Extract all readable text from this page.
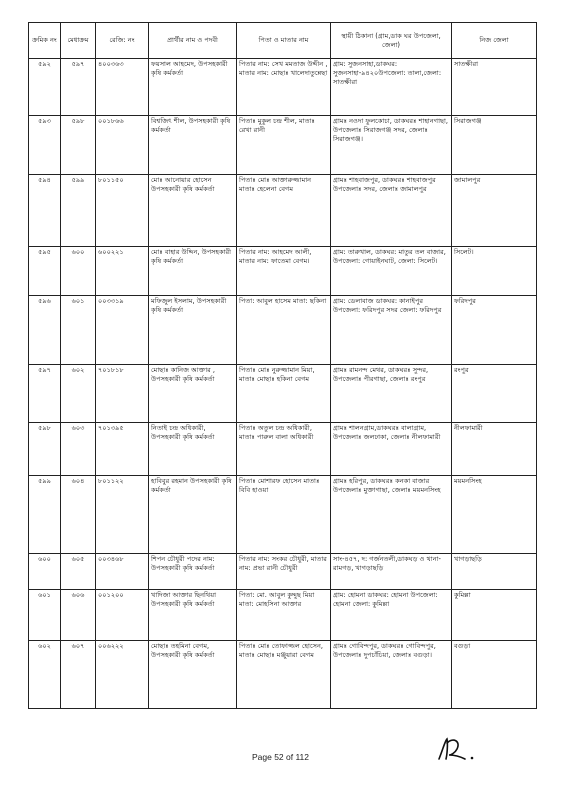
ক্রমিক নং	মেধাক্রম	রেজি: নং	প্রার্থীর নাম ও পদবী	পিতা ও মাতার নাম	স্থায়ী ঠিকানা (গ্রাম,ডাক ঘর উপজেলা, জেলা)	নিজ জেলা
৫৯২	৫৯৭	৪০০৩৬৩	ফয়সাল আহমেদ, উপসহকারী কৃষি কর্মকর্তা	পিতার নাম: সেখ মমতাজ উদ্দীন , মাতার নাম: মোছাঃ খালেদাতুন্নেছা	গ্রাম: সুজনসাহা,ডাকঘর: সুজনসাহা-৯৪২০উপজেলা: তালা,জেলা: সাতক্ষীরা	সাতক্ষীরা
৫৯৩	৫৯৮	০০১৮৬৬	বিশ্বজিৎ শীল, উপসহকারী কৃষি কর্মকর্তা	পিতাঃ মুকুল চন্দ্র শীল, মাতাঃ রেখা রানী	গ্রামঃ নওদা ফুলকোচা, ডাকঘরঃ শাহানগাছা, উপজেলাঃ সিরাজগঞ্জ সদর, জেলাঃ সিরাজগঞ্জ।	সিরাজগঞ্জ
৫৯৪	৫৯৯	৮০১১৫০	মোঃ আনোয়ার হোসেন উপসহকারী কৃষি কর্মকর্তা	পিতাঃ মোঃ আক্তারুজ্জামান মাতাঃ হেলেনা বেগম	গ্রামঃ শাহবাজপুর, ডাকঘরঃ শাহবাজপুর উপজেলাঃ সদর, জেলাঃ জামালপুর	জামালপুর
৫৯৫	৬০০	৬০০২২১	মোঃ বাহার উদ্দিন, উপসহকারী কৃষি কর্মকর্তা	পিতার নাম: আহমেদ আলী, মাতার নাম: ফাতেমা বেগম।	গ্রাম: তারুখাল, ডাকঘর: মাতুর তল বাজার, উপজেলা: গোয়াইনঘাট, জেলা: সিলেট।	সিলেট।
৫৯৬	৬০১	০০৩৩১৯	মফিজুল ইসলাম, উপসহকারী কৃষি কর্মকর্তা	পিতা: আবুল হাসেম মাতা: ছকিনা	গ্রাম: ডেলাবাজ ডাকঘর: কানাইপুর উপজেলা: ফরিদপুর সদর জেলা: ফরিদপুর	ফরিদপুর
৫৯৭	৬০২	৭০১৮১৮	মোছাঃ কানিজ আক্তার , উপসহকারী কৃষি কর্মকর্তা	পিতাঃ মোঃ নুরুজ্জামান মিয়া, মাতাঃ মোছাঃ হকিনা বেগম	গ্রামঃ রামনন্দ মেথর, ডাকঘরঃ সুন্দর, উপজেলাঃ পীরগাছা, জেলাঃ রংপুর	রংপুর
৫৯৮	৬০৩	৭০১৩৯৫	নিতাই চন্দ্র অধিকারী, উপসহকারী কৃষি কর্মকর্তা	পিতাঃ অতুল চন্দ্র অধিকারী, মাতাঃ পারুল বালা অধিকারী	গ্রামঃ শালনগ্রাম,ডাকঘরঃ বালাগ্রাম, উপজেলাঃ জলঢাকা, জেলাঃ নীলফামারী	নীলফামারী
৫৯৯	৬০৪	৮০১১২২	হাবিবুর রহমান উপসহকারী কৃষি কর্মকর্তা	পিতাঃ মোশারফ হোসেন মাতাঃ বিবি হাওয়া	গ্রামঃ হরিপুর, ডাকঘরঃ কনকা বাজার উপজেলাঃ মুক্তাগাছা, জেলাঃ ময়মনসিংহ	ময়মনসিংহ
৬০০	৬০৫	০০৩৪৬৮	শিপন চৌধুরী পদের নাম: উপসহকারী কৃষি কর্মকর্তা	পিতার নাম: সংকর চৌধুরী, মাতার নাম: প্রভা রানী চৌধুরী	সাং-৪৫৭, দ: গর্জনতলী,ডাকঘড় ও থানা-রামগড়, খাগড়াছড়ি	খাগড়াছড়ি
৬০১	৬০৬	০০১২০০	খাদিজা আক্তার ছিনথিয়া উপসহকারী কৃষি কর্মকর্তা	পিতা: মো. আবুল কুদ্দুছ মিয়া মাতা: মোহসিনা আক্তার	গ্রাম: হোমনা ডাকঘর: হোমনা উপজেলা: হোমনা জেলা: কুমিল্লা	কুমিল্লা
৬০২	৬০৭	০০৬২২২	মোছাঃ তহমিনা বেগম, উপসহকারী কৃষি কর্মকর্তা	পিতাঃ মোঃ তোফাজ্জল হোসেন, মাতাঃ মোছাঃ মঞ্জুয়ারা বেগম	গ্রামঃ গোবিন্দপুর, ডাকঘরঃ গোবিন্দপুর, উপজেলাঃ দুপচাঁচিয়া, জেলাঃ বগুড়া।	বগুড়া
Page 52 of 112
